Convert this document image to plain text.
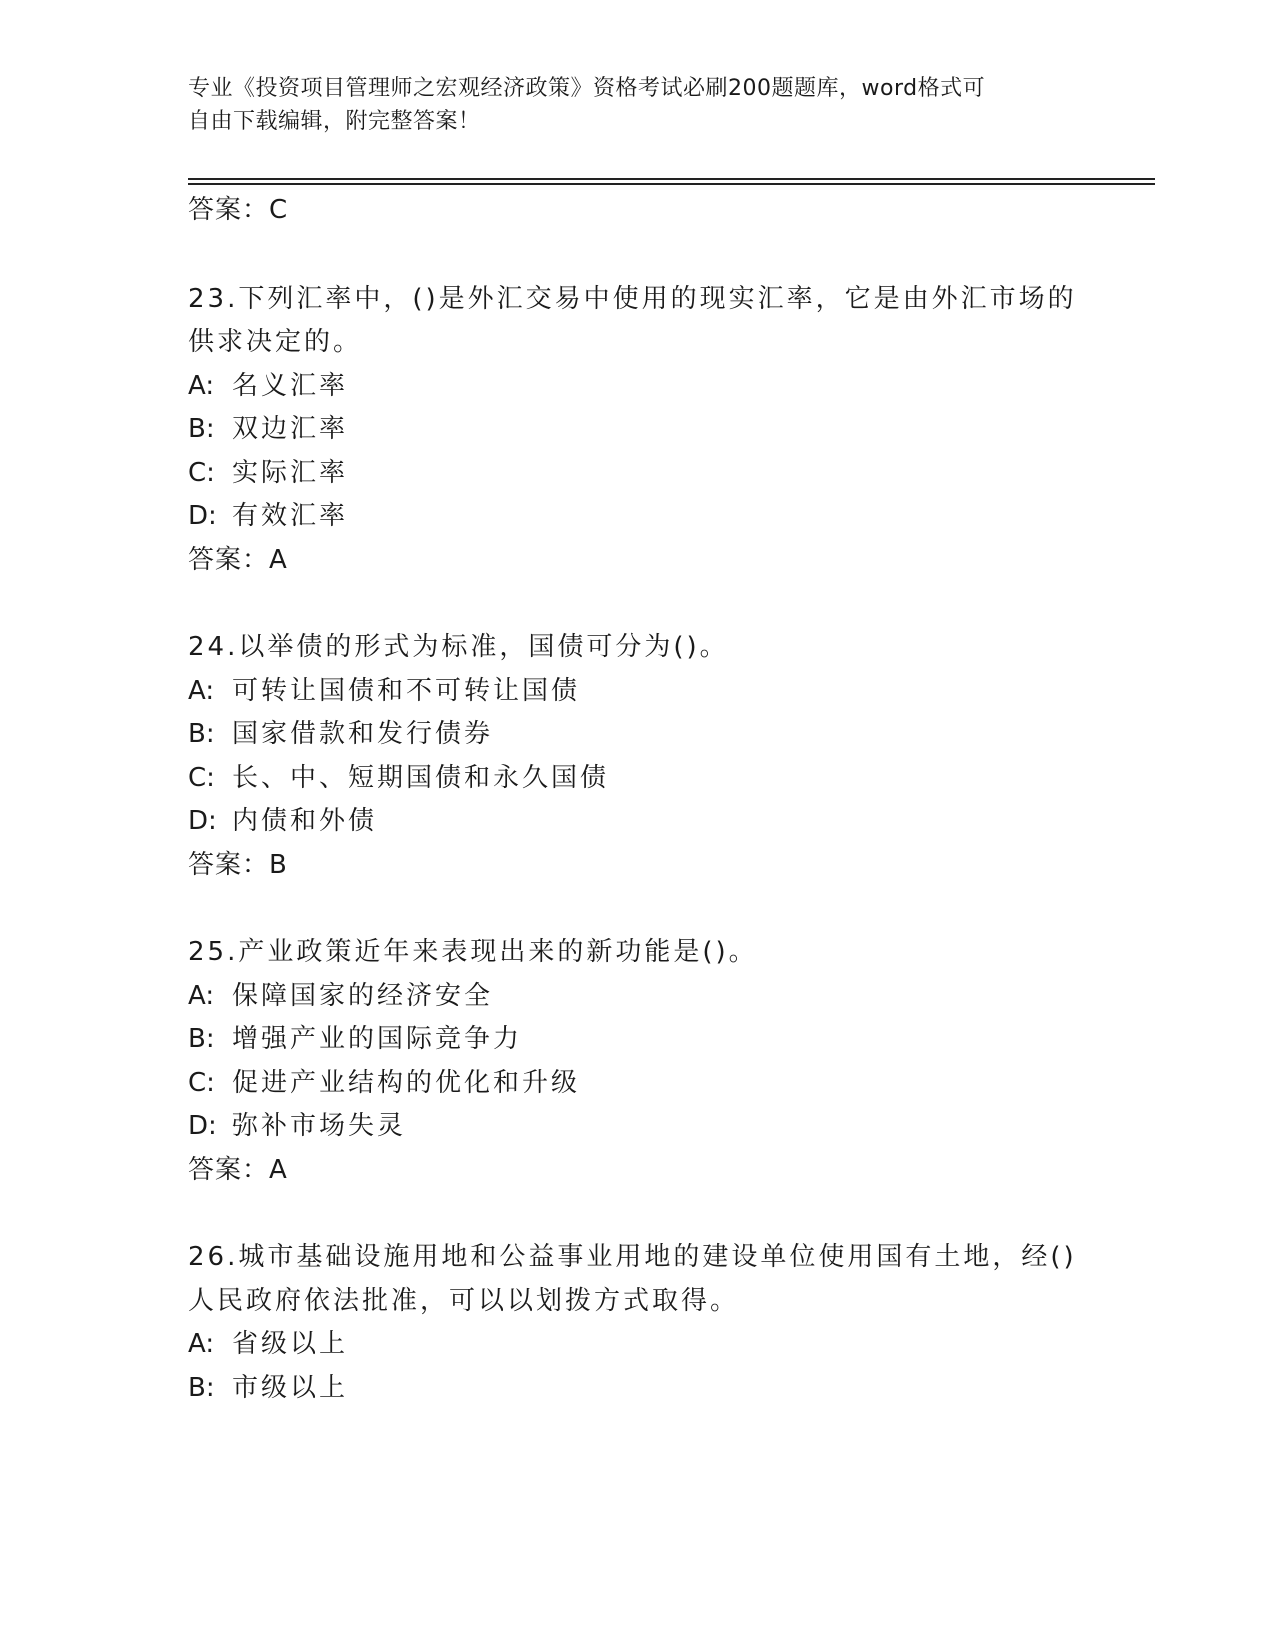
专业《投资项目管理师之宏观经济政策》资格考试必刷200题题库，word格式可
自由下载编辑，附完整答案！
答案：C
23.下列汇率中，()是外汇交易中使用的现实汇率，它是由外汇市场的
供求决定的。
A: 名义汇率
B: 双边汇率
C: 实际汇率
D: 有效汇率
答案：A
24.以举债的形式为标准，国债可分为()。
A: 可转让国债和不可转让国债
B: 国家借款和发行债券
C: 长、中、短期国债和永久国债
D: 内债和外债
答案：B
25.产业政策近年来表现出来的新功能是()。
A: 保障国家的经济安全
B: 增强产业的国际竞争力
C: 促进产业结构的优化和升级
D: 弥补市场失灵
答案：A
26.城市基础设施用地和公益事业用地的建设单位使用国有土地，经()
人民政府依法批准，可以以划拨方式取得。
A: 省级以上
B: 市级以上
